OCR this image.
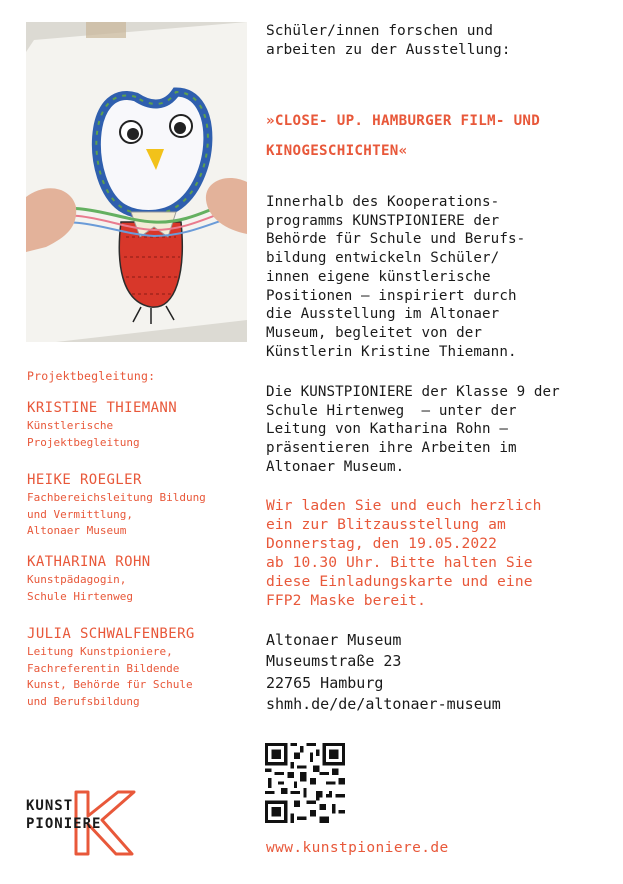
Projektbegleitung:
KRISTINE THIEMANN
Künstlerische
Projektbegleitung
HEIKE ROEGLER
Fachbereichsleitung Bildung
und Vermittlung,
Altonaer Museum
KATHARINA ROHN
Kunstpädagogin,
Schule Hirtenweg
JULIA SCHWALFENBERG
Leitung Kunstpioniere,
Fachreferentin Bildende
Kunst, Behörde für Schule
und Berufsbildung
KUNST
PIONIERE
Schüler/innen forschen und
arbeiten zu der Ausstellung:
»CLOSE- UP. HAMBURGER FILM- UND
KINOGESCHICHTEN«
Innerhalb des Kooperations-
programms KUNSTPIONIERE der
Behörde für Schule und Berufs-
bildung entwickeln Schüler/
innen eigene künstlerische
Positionen – inspiriert durch
die Ausstellung im Altonaer
Museum, begleitet von der
Künstlerin Kristine Thiemann.
Die KUNSTPIONIERE der Klasse 9 der
Schule Hirtenweg  – unter der
Leitung von Katharina Rohn –
präsentieren ihre Arbeiten im
Altonaer Museum.
Wir laden Sie und euch herzlich
ein zur Blitzausstellung am
Donnerstag, den 19.05.2022
ab 10.30 Uhr. Bitte halten Sie
diese Einladungskarte und eine
FFP2 Maske bereit.
Altonaer Museum
Museumstraße 23
22765 Hamburg
shmh.de/de/altonaer-museum
www.kunstpioniere.de
